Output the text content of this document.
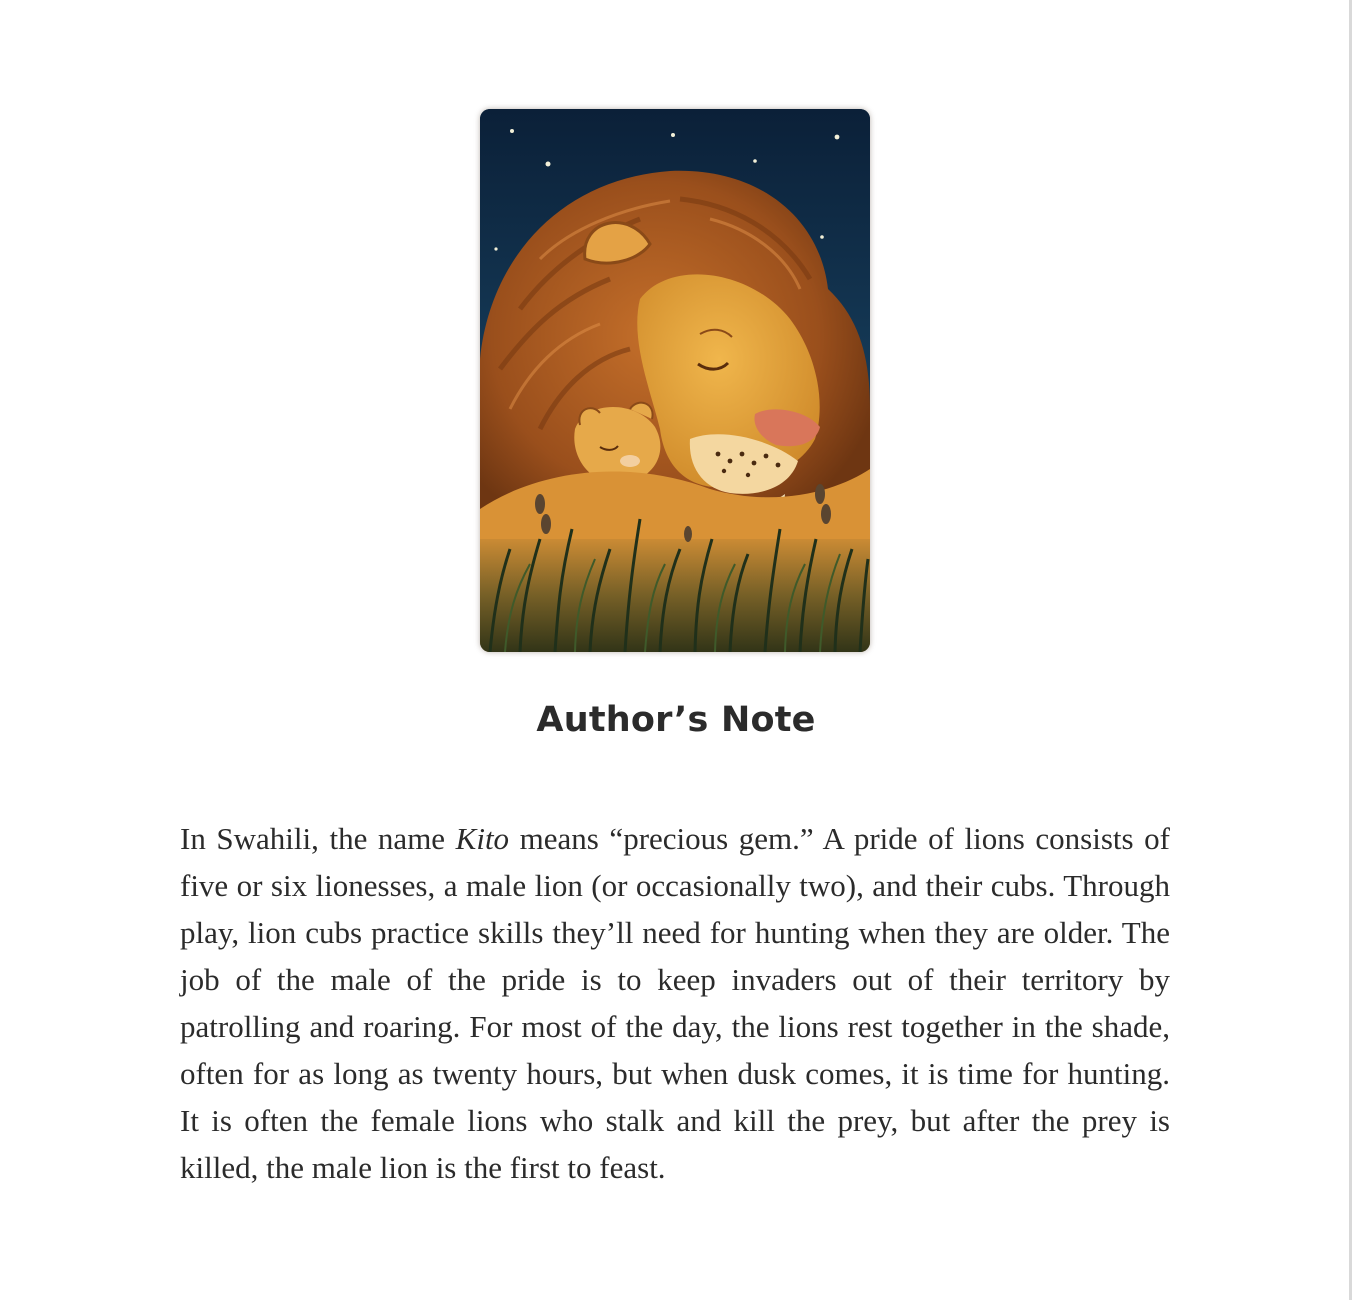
Author’s Note

In Swahili, the name Kito means “precious gem.” A pride of lions consists of five or six lionesses, a male lion (or occasionally two), and their cubs. Through play, lion cubs practice skills they’ll need for hunting when they are older. The job of the male of the pride is to keep invaders out of their territory by patrolling and roaring. For most of the day, the lions rest together in the shade, often for as long as twenty hours, but when dusk comes, it is time for hunting. It is often the female lions who stalk and kill the prey, but after the prey is killed, the male lion is the first to feast.
